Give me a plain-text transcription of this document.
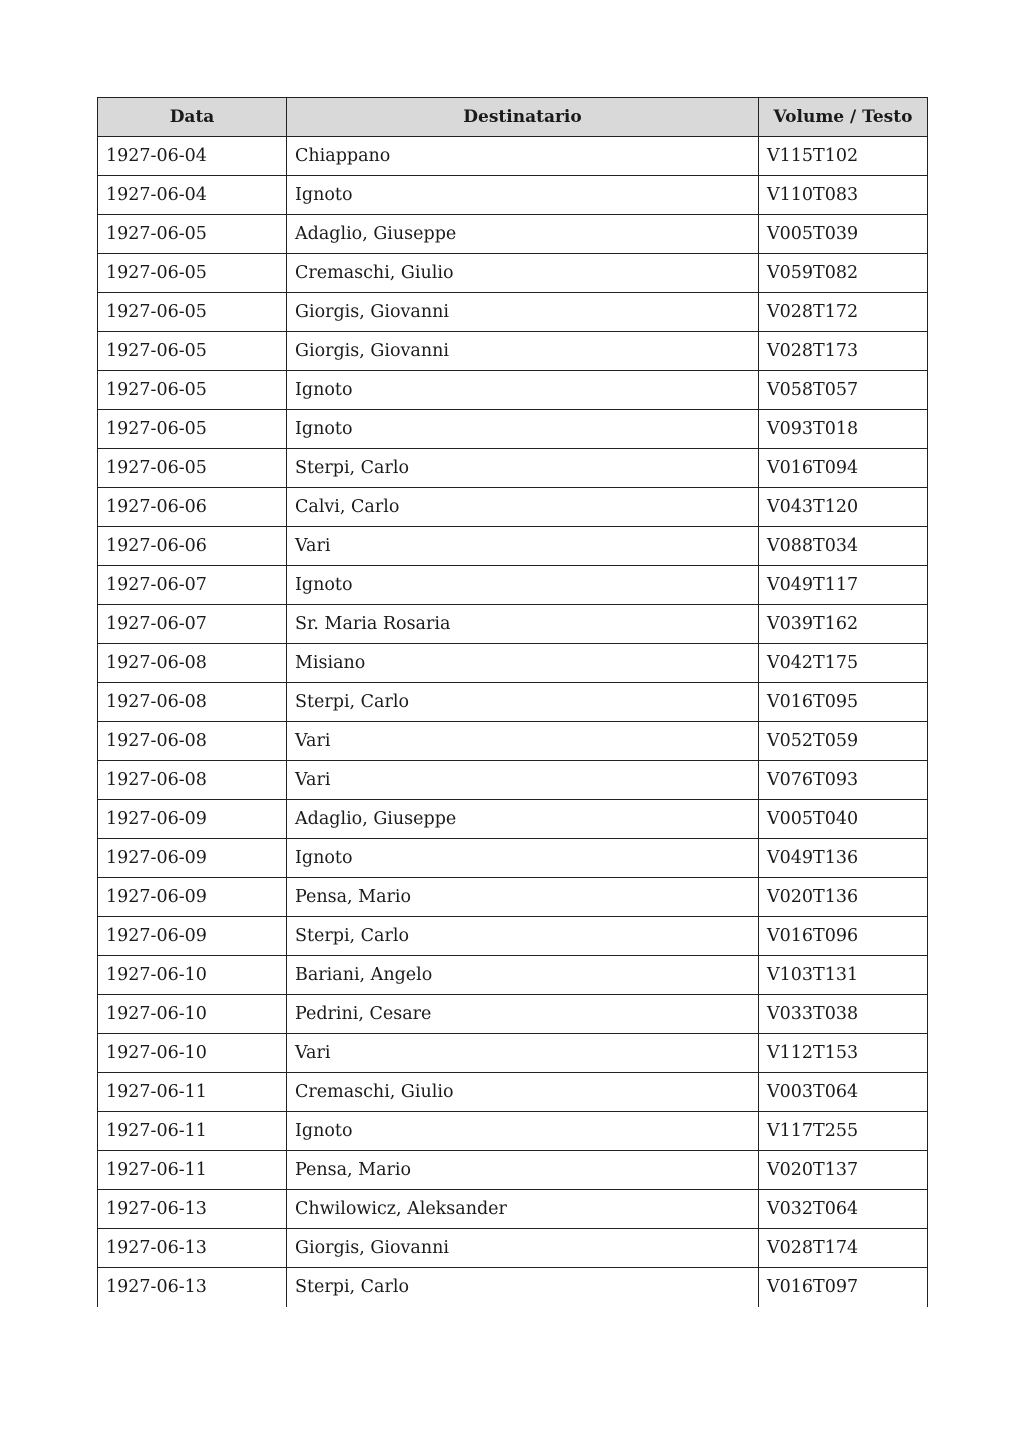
Data	Destinatario	Volume / Testo
1927-06-04	Chiappano	V115T102
1927-06-04	Ignoto	V110T083
1927-06-05	Adaglio, Giuseppe	V005T039
1927-06-05	Cremaschi, Giulio	V059T082
1927-06-05	Giorgis, Giovanni	V028T172
1927-06-05	Giorgis, Giovanni	V028T173
1927-06-05	Ignoto	V058T057
1927-06-05	Ignoto	V093T018
1927-06-05	Sterpi, Carlo	V016T094
1927-06-06	Calvi, Carlo	V043T120
1927-06-06	Vari	V088T034
1927-06-07	Ignoto	V049T117
1927-06-07	Sr. Maria Rosaria	V039T162
1927-06-08	Misiano	V042T175
1927-06-08	Sterpi, Carlo	V016T095
1927-06-08	Vari	V052T059
1927-06-08	Vari	V076T093
1927-06-09	Adaglio, Giuseppe	V005T040
1927-06-09	Ignoto	V049T136
1927-06-09	Pensa, Mario	V020T136
1927-06-09	Sterpi, Carlo	V016T096
1927-06-10	Bariani, Angelo	V103T131
1927-06-10	Pedrini, Cesare	V033T038
1927-06-10	Vari	V112T153
1927-06-11	Cremaschi, Giulio	V003T064
1927-06-11	Ignoto	V117T255
1927-06-11	Pensa, Mario	V020T137
1927-06-13	Chwilowicz, Aleksander	V032T064
1927-06-13	Giorgis, Giovanni	V028T174
1927-06-13	Sterpi, Carlo	V016T097
